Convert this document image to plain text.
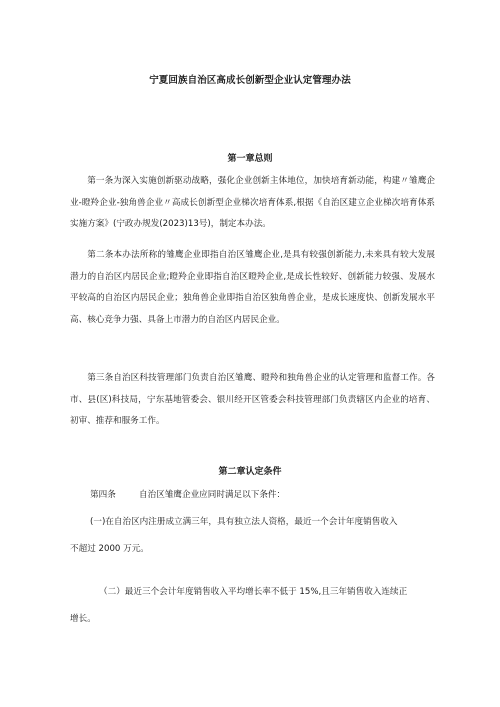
宁夏回族自治区高成长创新型企业认定管理办法
第一章总则
第一条为深入实施创新驱动战略，强化企业创新主体地位，加快培育新动能，构建〃雏鹰企业-瞪羚企业-独角兽企业〃高成长创新型企业梯次培育体系,根据《自治区建立企业梯次培育体系实施方案》(宁政办规发(2023)13号)，制定本办法。
第二条本办法所称的雏鹰企业即指自治区雏鹰企业,是具有较强创新能力,未来具有较大发展潜力的自治区内居民企业;瞪羚企业即指自治区瞪羚企业,是成长性较好、创新能力较强、发展水平较高的自治区内居民企业；独角兽企业即指自治区独角兽企业，是成长速度快、创新发展水平高、核心竞争力强、具备上市潜力的自治区内居民企业。
第三条自治区科技管理部门负责自治区雏鹰、瞪羚和独角兽企业的认定管理和监督工作。各市、县(区)科技局，宁东基地管委会、银川经开区管委会科技管理部门负责辖区内企业的培育、初审、推荐和服务工作。
第二章认定条件
第四条	自治区雏鹰企业应同时满足以下条件：
(一)在自治区内注册成立满三年，具有独立法人资格，最近一个会计年度销售收入
不超过 2000 万元。
（二）最近三个会计年度销售收入平均增长率不低于 15%,且三年销售收入连续正
增长。
